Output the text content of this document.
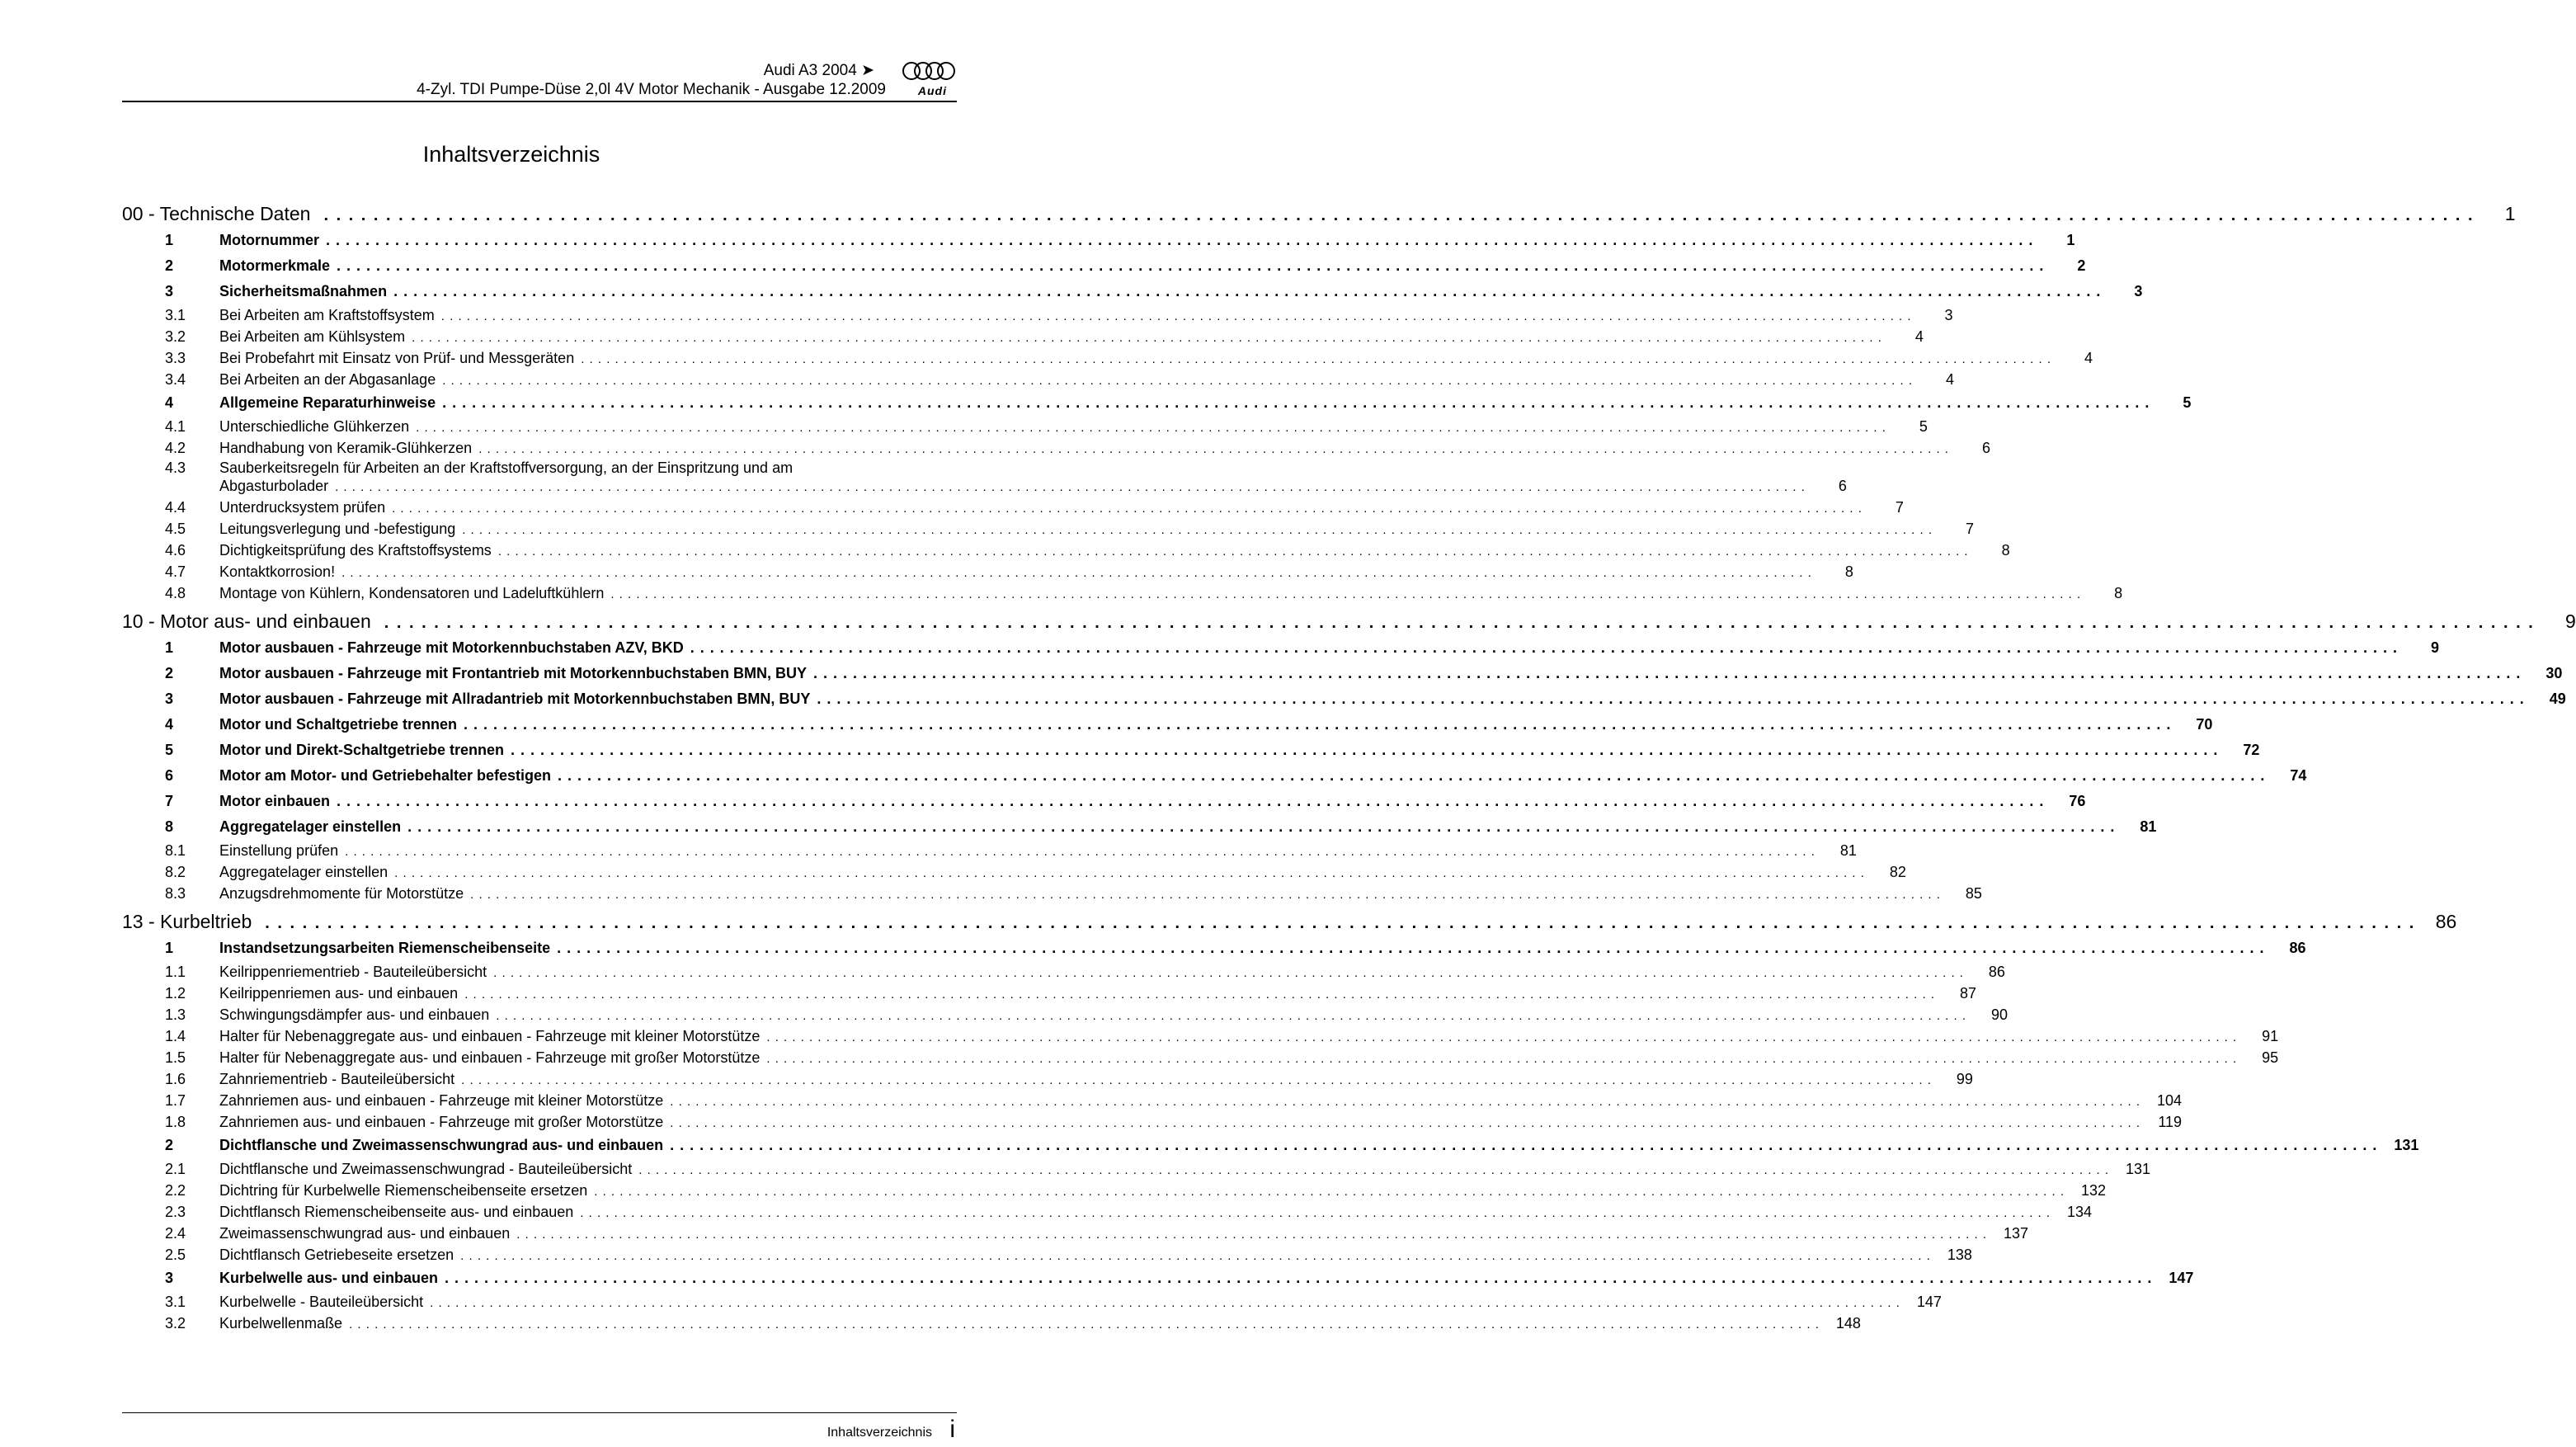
Audi A3 2004 ➤
4-Zyl. TDI Pumpe-Düse 2,0l 4V Motor Mechanik - Ausgabe 12.2009	Audi
Inhaltsverzeichnis
00 - Technische Daten . . .	1
1	Motornummer . . .	1
2	Motormerkmale . . .	2
3	Sicherheitsmaßnahmen . . .	3
3.1	Bei Arbeiten am Kraftstoffsystem . . .	3
3.2	Bei Arbeiten am Kühlsystem . . .	4
3.3	Bei Probefahrt mit Einsatz von Prüf- und Messgeräten . . .	4
3.4	Bei Arbeiten an der Abgasanlage . . .	4
4	Allgemeine Reparaturhinweise . . .	5
4.1	Unterschiedliche Glühkerzen . . .	5
4.2	Handhabung von Keramik-Glühkerzen . . .	6
4.3	Sauberkeitsregeln für Arbeiten an der Kraftstoffversorgung, an der Einspritzung und am
Abgasturbolader . . .	6
4.4	Unterdrucksystem prüfen . . .	7
4.5	Leitungsverlegung und -befestigung . . .	7
4.6	Dichtigkeitsprüfung des Kraftstoffsystems . . .	8
4.7	Kontaktkorrosion! . . .	8
4.8	Montage von Kühlern, Kondensatoren und Ladeluftkühlern . . .	8
10 - Motor aus- und einbauen . . .	9
1	Motor ausbauen - Fahrzeuge mit Motorkennbuchstaben AZV, BKD . . .	9
2	Motor ausbauen - Fahrzeuge mit Frontantrieb mit Motorkennbuchstaben BMN, BUY . . .	30
3	Motor ausbauen - Fahrzeuge mit Allradantrieb mit Motorkennbuchstaben BMN, BUY . . .	49
4	Motor und Schaltgetriebe trennen . . .	70
5	Motor und Direkt-Schaltgetriebe trennen . . .	72
6	Motor am Motor- und Getriebehalter befestigen . . .	74
7	Motor einbauen . . .	76
8	Aggregatelager einstellen . . .	81
8.1	Einstellung prüfen . . .	81
8.2	Aggregatelager einstellen . . .	82
8.3	Anzugsdrehmomente für Motorstütze . . .	85
13 - Kurbeltrieb . . .	86
1	Instandsetzungsarbeiten Riemenscheibenseite . . .	86
1.1	Keilrippenriementrieb - Bauteileübersicht . . .	86
1.2	Keilrippenriemen aus- und einbauen . . .	87
1.3	Schwingungsdämpfer aus- und einbauen . . .	90
1.4	Halter für Nebenaggregate aus- und einbauen - Fahrzeuge mit kleiner Motorstütze . . .	91
1.5	Halter für Nebenaggregate aus- und einbauen - Fahrzeuge mit großer Motorstütze . . .	95
1.6	Zahnriementrieb - Bauteileübersicht . . .	99
1.7	Zahnriemen aus- und einbauen - Fahrzeuge mit kleiner Motorstütze . . .	104
1.8	Zahnriemen aus- und einbauen - Fahrzeuge mit großer Motorstütze . . .	119
2	Dichtflansche und Zweimassenschwungrad aus- und einbauen . . .	131
2.1	Dichtflansche und Zweimassenschwungrad - Bauteileübersicht . . .	131
2.2	Dichtring für Kurbelwelle Riemenscheibenseite ersetzen . . .	132
2.3	Dichtflansch Riemenscheibenseite aus- und einbauen . . .	134
2.4	Zweimassenschwungrad aus- und einbauen . . .	137
2.5	Dichtflansch Getriebeseite ersetzen . . .	138
3	Kurbelwelle aus- und einbauen . . .	147
3.1	Kurbelwelle - Bauteileübersicht . . .	147
3.2	Kurbelwellenmaße . . .	148
Inhaltsverzeichnis i
